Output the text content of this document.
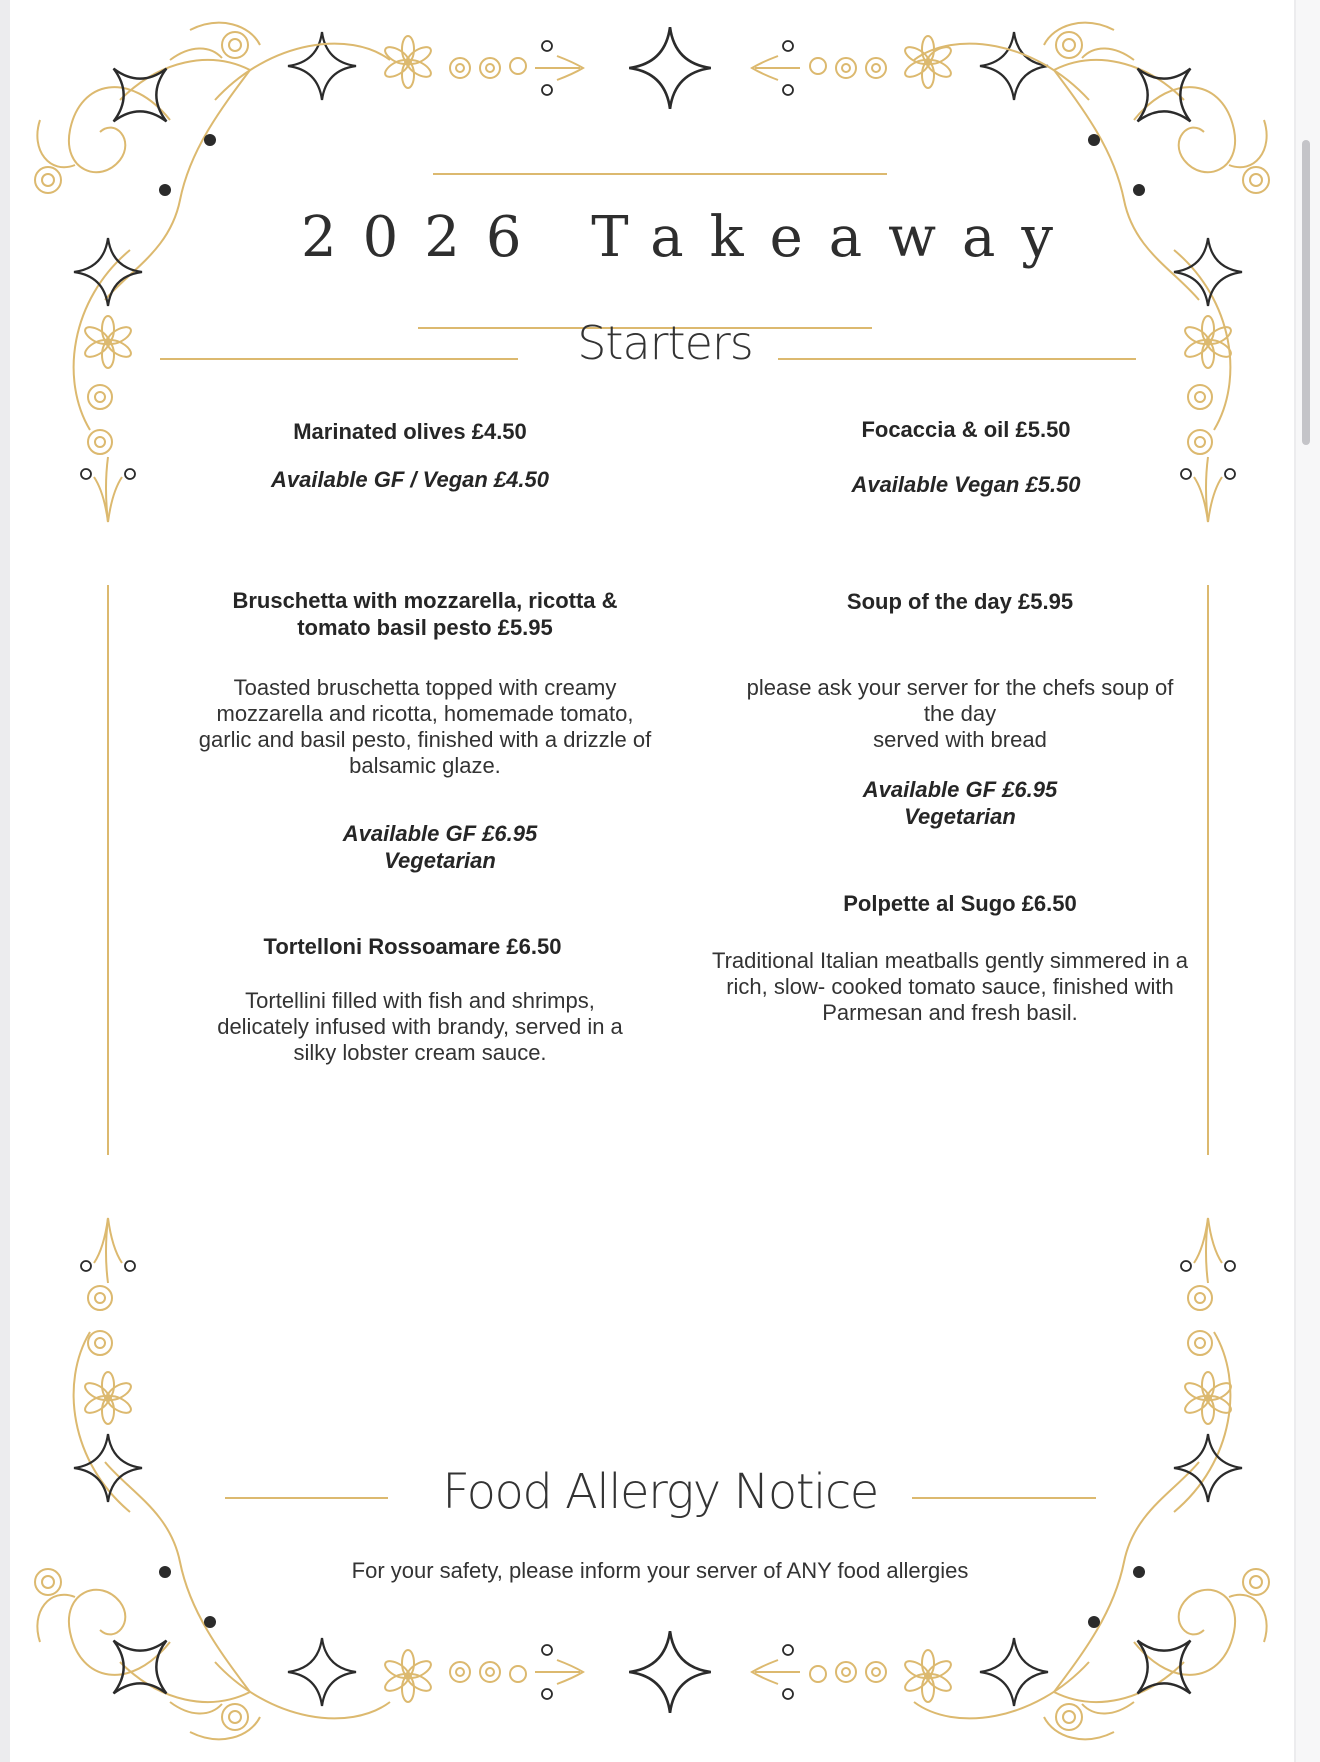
2026 Takeaway
Starters
Marinated olives £4.50
Available GF / Vegan £4.50
Bruschetta with mozzarella, ricotta & tomato basil pesto £5.95
Toasted bruschetta topped with creamy mozzarella and ricotta, homemade tomato, garlic and basil pesto, finished with a drizzle of balsamic glaze.
Available GF £6.95
Vegetarian
Tortelloni Rossoamare £6.50
Tortellini filled with fish and shrimps, delicately infused with brandy, served in a silky lobster cream sauce.
Focaccia & oil £5.50
Available Vegan £5.50
Soup of the day £5.95
please ask your server for the chefs soup of the day
served with bread
Available GF £6.95
Vegetarian
Polpette al Sugo £6.50
Traditional Italian meatballs gently simmered in a rich, slow- cooked tomato sauce, finished with Parmesan and fresh basil.
Food Allergy Notice
For your safety, please inform your server of ANY food allergies
